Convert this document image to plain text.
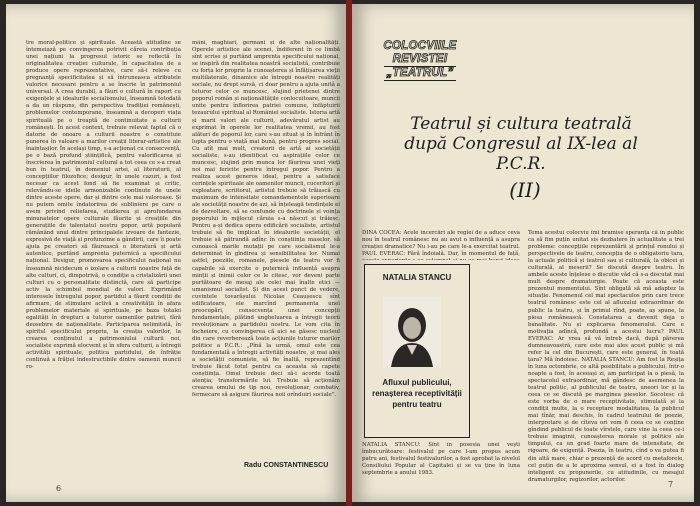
tre moral-politice și spirituale. Această atitudine se întemeiază pe convingerea potrivit căreia contribuția unei națiuni la progresul istoric se reflectă în originalitatea creației culturale, în capacitatea de a produce opere reprezentative, care să-i releve cu pregnanță specificitatea și să întruneasca atributele valorice necesare pentru a se înscrie în patrimoniul universal. A crea durabil, a făuri o cultură în raport cu exigențele și idealurile socialismului, înseamnă totodată a da un răspuns, din perspectiva tradiției românești, problemelor contemporane, înseamnă a decoperi viața spirituală pe o treaptă de continuitate a culturii românești. În acest context, trebuie relevat faptul că o datorie de onoare a culturii noastre o constituie punerea în valoare a marilor creații literar-artistice ale înaintașilor. În același timp, s-a acționat cu consecvență, pe o bază profund științifică, pentru valorificarea și înscrierea în patrimoniul cultural a tot ceea ce s-a creat bun în teatrul, în domeniul artei, al literaturii, al concepțiilor filozofice; desigur, în unele cazuri, a fost necesar ca acest fond să fie examinat și critic, relevându-se ideile armonizabile continute de unele dintre aceste opere, dar și dintre cele mai valoroase. Și nu putem omite îndatorirea de subliniere pe care o avem privind reliefarea, studierea și aprofundarea minunatelor opere culturale făurite și creațiile din generațiile de talentatul nostru popor, artă populară rămânând unul dintre principalele izvoare de fantezie, expresivă de viață și profunzime a gândirii, care îi poate ajuta pe creatori să făurească o literatură și artă autentice, purtând amprenta puternică a specificului național. Desigur, promovarea specificului național nu înseamnă nicidecum o izolare a culturii noastre față de alte culturi, ci, dimpotrivă, o condiție a cristalizării unei culturi cu o personalitate distinctă, care să participe activ la schimbul mondial de valori. Exprimând interesele întregului popor, partidul a făurit condiții de afirmare, de stimulare activă a creativității în afara problemelor materiale și spirituale, pe baza totalei egalități în drepturi a tuturor oamenilor patriei, fără deosebire de naționalitate. Participarea nelimitată, în spiritul specificului propriu, la creația valorilor, la crearea conținutul a patrimoniului culturii noi, socialiste exprimă elocvent și în sfera culturii, a întregii activități spirituale, politica partidului, de înfrăție continuă a frăției indestructibile dintre oamenii muncii ro-
mâni, maghiari, germani și de alte naționalități. Operele artistice ale scenei, îndiferent în ce limbă sînt scrise și purtând amprenta specificului național, se inspiră din realitatea noastră socialistă, contribuie cu forța lor proprie la cunoașterea și înfățișarea vieții multilaterale, dinamice ale întregii noastre realități sociale, nu drept sursă, ci doar pentru a ajuta unită a tuturor celor ce muncesc, slujind prietenei dintre poporul român și naționalitățile conlocuitoare, muncii unite pentru înflorirea patriei comune, înfăptuirii tezaurului spiritual al României socialiste. Istoria artă și marii valori ale culturii, adevăratul artist au exprimat în operele lor realitatea vremii, au fost alături de poporul lor, care s-au situat și în înfrânt în lupta pentru o viață mai bună, pentru progres social. Cu atît mai mult, creatorii de artă ai societății socialiste, s-au identificat cu aspirațiile celor ce muncesc, slujind prin munca lor făurirea unei vieți noi mai fericite pentru întregul popor. Pentru a realiza acest generos ideal, pentru a satisface cerințele spirituale ale oamenilor muncii, cuceritori și exploatare, scriitorul, artistul trebuie să trăiască cu maximum de intensitate comandamentele superioare ale societății noastre de azi, să înțeleagă tendințele ei de dezvoltare, să se confunde cu doctrinele și voința poporului în mijlocul căruia s-a născut și trăiesc. Pentru a-și dedica opera edificării socialiste, artistul trebuie să fie implicat în idealurile societății, el trebuie să pătrundă adînc în conștiința maselor, să cunoască marile mutații pe care socialismul le-a determinat în gîndirea și sensibilitatea lor. Numai astfel, poeziile, romanele, piesele de teatru vor fi capabile să exercite o puternică influență asupra minții și inimii celor ce le citesc, vor deveni parte purtătoare de mesaj ale celei mai înalte etici — umanismul socialist. Și din acest punct de vedere, cuvintele tovarășului Nicolae Ceaușescu sînt edificatoare, ele marcînd permanenta unei preocupări, consecvența unei concepții fundamentale, plătind ungheluarea a întregii teorii revoluționare a partidului nostru. Le vom cita în încheiere, cu convingerea că aici se găsesc nucleul din care reverberează toate acțiunile tuturor marilor politice a P.C.R.: „Pînă la urmă, omul este cea fundamentală a întregii activități noastre, și mai ales a societății comuniste, să fie înaltă, reprezentînd trebuie făcut totul pentru ca aceasta să capete conștiința. Omul trebuie deci să-i acorde toată atenția; transformările lui. Trebuie să acționăm crearea omului de tip nou, revoluționar, combativ, fermecare să asigure făurirea noii orînduiri sociale”.
Radu CONSTANTINESCU
6
COLOCVIILE
REVISTEI
„TEATRUL”
Teatrul și cultura teatrală după Congresul al IX-lea al P.C.R.
(II)
DINA COCEA: Acele încercări ale regiei de a aduce ceva nou în teatrul românesc nu au avut o influență a asupra creației dramatice? Nu i-au pe care le-a exercitat teatrul. PAUL EVERAC: Fără îndoială. Dar, în momentul de față,
NATALIA STANCU
Afluxul publicului, renașterea receptivității pentru teatru
NATALIA STANCU: Sînt în posesia unei vești îmbucurătoare: festivalul pe care l-am propus acum patru ani, festivalul festivalurilor, a fost aprobat la nivelul Consiliului Popular al Capitalei și se va ține în luna septembrie a anului 1983.
Tema acestui colocviu îmi bramise speranța că în public ca să fim puțin unitat sis dezbatere în actualitate a trei probleme: concepțiile reprezentării și prințul ronului și perspectivele de teatru, concepția de o obligatoriu tara, la actuale politică și teatrul sau și culturală, la obicei și culturală, al meserii? Se discută despre teatru. În ambele aceste înțelese o discutie văd că s-a discutat mai mult despre dramaturgie. Poate că aceasta este prezentul momentului. Sînt obligată să mă adaptez la situație. Fenomenul cel mai spectaculos prin care trece teatrul românesc este cel al afluxului extraordinar de public la teatru, și în primul rînd, poate, aș spune, la piesa românească. Constatarea a devenit deja o banalitate. Nu și explicarea fenomenului. Care e motivația adîncă, profundă a acestui lucru? PAUL EVERAC: Ar vrea să vă întreb dacă, după părerea dumneavoastră, care este mai ales acest public și mă refer la cel din București, care este general, în toată țara? Mă îndoiesc. NATALIA STANCU: Am fost la Reșița în luna octombrie, ce altă posibilitate a publicului, într-o noapte a fost, în aceeași zi, am participat la o piesă, la spectacolul extraordinar, mă gândesc de asemenea la teatrul politic, al publicului de teatru, uneori lor și la ceea ce se discută pe marginea pieselor. Socotesc că este vorba de o mare receptivitate, stimulată și la condiții multe, la o receptare modalitatea, la publicul mai tînăr, mai deschis, în cadrul teatrului de poezie, interpretare și de cîteva ori vom fi ceea ce se conține gîndind publicul de toate vîrstele, care vine la ceea ce-i trebuie imaginii, cunoașterea morale și politice ale timpului, ca un grad foarte mare de intensitate, de rigoare, de exigență. Poezia, în teatru, cînd o va putea fi din altă mare, chiar o prezență de acord cu metaforele, cel puțin de a le aproxima sensul, ei a fost în dialog inteligent cu propunerile, cu atitudinile, cu mesajul dramaturgilor, regizorilor, actorilor.
7
